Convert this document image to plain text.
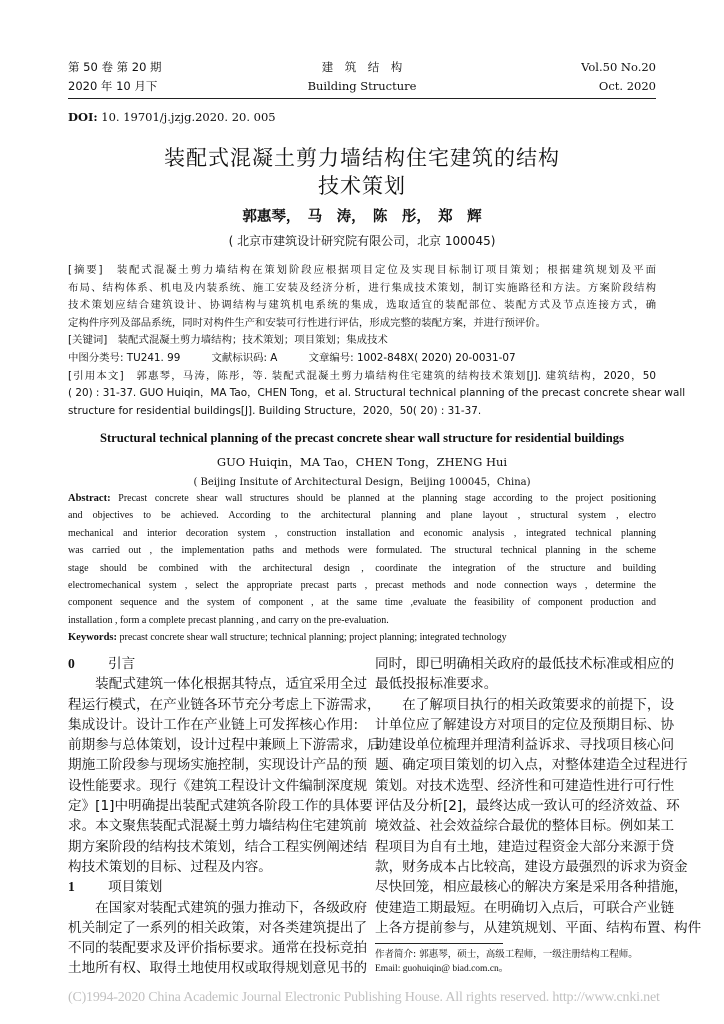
第 50 卷 第 20 期
2020 年 10 月下
建　筑　结　构
Building Structure
Vol.50 No.20
Oct. 2020
DOI: 10. 19701/j.jzjg.2020. 20. 005
装配式混凝土剪力墙结构住宅建筑的结构
技术策划
郭惠琴，　马　涛，　陈　彤，　郑　辉
( 北京市建筑设计研究院有限公司，北京 100045)
[摘要]　装配式混凝土剪力墙结构在策划阶段应根据项目定位及实现目标制订项目策划；根据建筑规划及平面
布局、结构体系、机电及内装系统、施工安装及经济分析，进行集成技术策划，制订实施路径和方法。方案阶段结构
技术策划应结合建筑设计、协调结构与建筑机电系统的集成，选取适宜的装配部位、装配方式及节点连接方式，确
定构件序列及部品系统，同时对构件生产和安装可行性进行评估，形成完整的装配方案，并进行预评价。
[关键词]　装配式混凝土剪力墙结构；技术策划；项目策划；集成技术
中图分类号: TU241. 99　　　文献标识码: A　　　文章编号: 1002-848X( 2020) 20-0031-07
[引用本文]　郭惠琴，马涛，陈彤，等. 装配式混凝土剪力墙结构住宅建筑的结构技术策划[J]. 建筑结构，2020，50
( 20) : 31-37. GUO Huiqin，MA Tao，CHEN Tong，et al. Structural technical planning of the precast concrete shear wall
structure for residential buildings[J]. Building Structure，2020，50( 20) : 31-37.
Structural technical planning of the precast concrete shear wall structure for residential buildings
GUO Huiqin，MA Tao，CHEN Tong，ZHENG Hui
( Beijing Insitute of Architectural Design，Beijing 100045，China)
Abstract: Precast concrete shear wall structures should be planned at the planning stage according to the project positioning
and objectives to be achieved. According to the architectural planning and plane layout , structural system , electro
mechanical and interior decoration system , construction installation and economic analysis , integrated technical planning
was carried out , the implementation paths and methods were formulated. The structural technical planning in the scheme
stage should be combined with the architectural design , coordinate the integration of the structure and building
electromechanical system , select the appropriate precast parts , precast methods and node connection ways , determine the
component sequence and the system of component , at the same time ,evaluate the feasibility of component production and
installation , form a complete precast planning , and carry on the pre-evaluation.
Keywords: precast concrete shear wall structure; technical planning; project planning; integrated technology
0 引言
　　装配式建筑一体化根据其特点，适宜采用全过
程运行模式，在产业链各环节充分考虑上下游需求，
集成设计。设计工作在产业链上可发挥核心作用:
前期参与总体策划，设计过程中兼顾上下游需求，后
期施工阶段参与现场实施控制，实现设计产品的预
设性能要求。现行《建筑工程设计文件编制深度规
定》[1]中明确提出装配式建筑各阶段工作的具体要
求。本文聚焦装配式混凝土剪力墙结构住宅建筑前
期方案阶段的结构技术策划，结合工程实例阐述结
构技术策划的目标、过程及内容。
1 项目策划
　　在国家对装配式建筑的强力推动下，各级政府
机关制定了一系列的相关政策，对各类建筑提出了
不同的装配要求及评价指标要求。通常在投标竞拍
土地所有权、取得土地使用权或取得规划意见书的
同时，即已明确相关政府的最低技术标准或相应的
最低投报标准要求。
　　在了解项目执行的相关政策要求的前提下，设
计单位应了解建设方对项目的定位及预期目标、协
助建设单位梳理并理清利益诉求、寻找项目核心问
题、确定项目策划的切入点，对整体建造全过程进行
策划。对技术选型、经济性和可建造性进行可行性
评估及分析[2]，最终达成一致认可的经济效益、环
境效益、社会效益综合最优的整体目标。例如某工
程项目为自有土地，建造过程资金大部分来源于贷
款，财务成本占比较高，建设方最强烈的诉求为资金
尽快回笼，相应最核心的解决方案是采用各种措施，
使建造工期最短。在明确切入点后，可联合产业链
上各方提前参与，从建筑规划、平面、结构布置、构件
作者简介: 郭惠琴，硕士，高级工程师，一级注册结构工程师。
Email: guohuiqin@ biad.com.cn。
(C)1994-2020 China Academic Journal Electronic Publishing House. All rights reserved. http://www.cnki.net
